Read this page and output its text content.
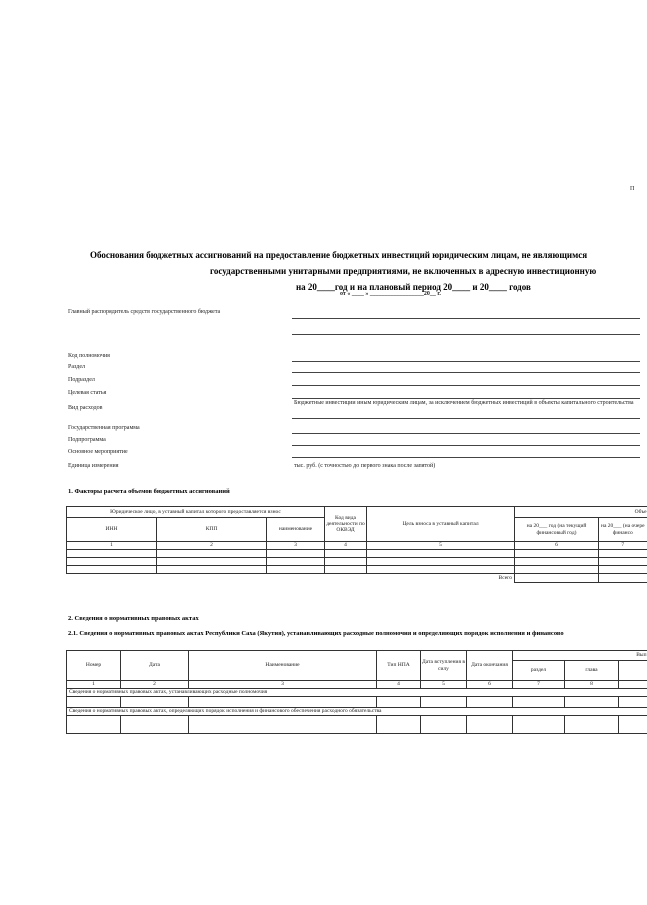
П
Обоснования бюджетных ассигнований на предоставление бюджетных инвестиций юридическим лицам, не являющимся
государственными унитарными предприятиями, не включенных в адресную инвестиционную
на 20____год и на плановый период 20____ и 20____ годов
от « ____ » __________________20__ г.
Главный распорядитель средств государственного бюджета
Код полномочия
Раздел
Подраздел
Целевая статья
Вид расходов
Бюджетные инвестиции иным юридическим лицам, за исключением бюджетных инвестиций в объекты капитального строительства
Государственная программа
Подпрограмма
Основное мероприятие
Единица измерения	тыс. руб. (с точностью до первого знака после запятой)
1. Факторы расчета объемов бюджетных ассигнований
Юридическое лицо, в уставный капитал которого предоставляется взнос			Код вида деятельности по ОКВЭД	Цель взноса в уставный капитал	Объе	
ИНН	КПП	наименование			на 20___ год (на текущий финансовый год)	на 20___ (на очере финансо
1	2	3	4	5	6	7

Всего						
2. Сведения о нормативных правовых актах
2.1. Сведения о нормативных правовых актах Республики Саха (Якутия), устанавливающих расходные полномочия и определяющих порядок исполнения и финансово
Номер	Дата	Наименование	Тип НПА	Дата вступления в силу	Дата окончания	Вып		
						раздел	глава	
1	2	3	4	5	6	7	8	
Сведения о нормативных правовых актах, устанавливающих расходные полномочия								

Сведения о нормативных правовых актах, определяющих порядок исполнения и финансового обеспечения расходного обязательства								
